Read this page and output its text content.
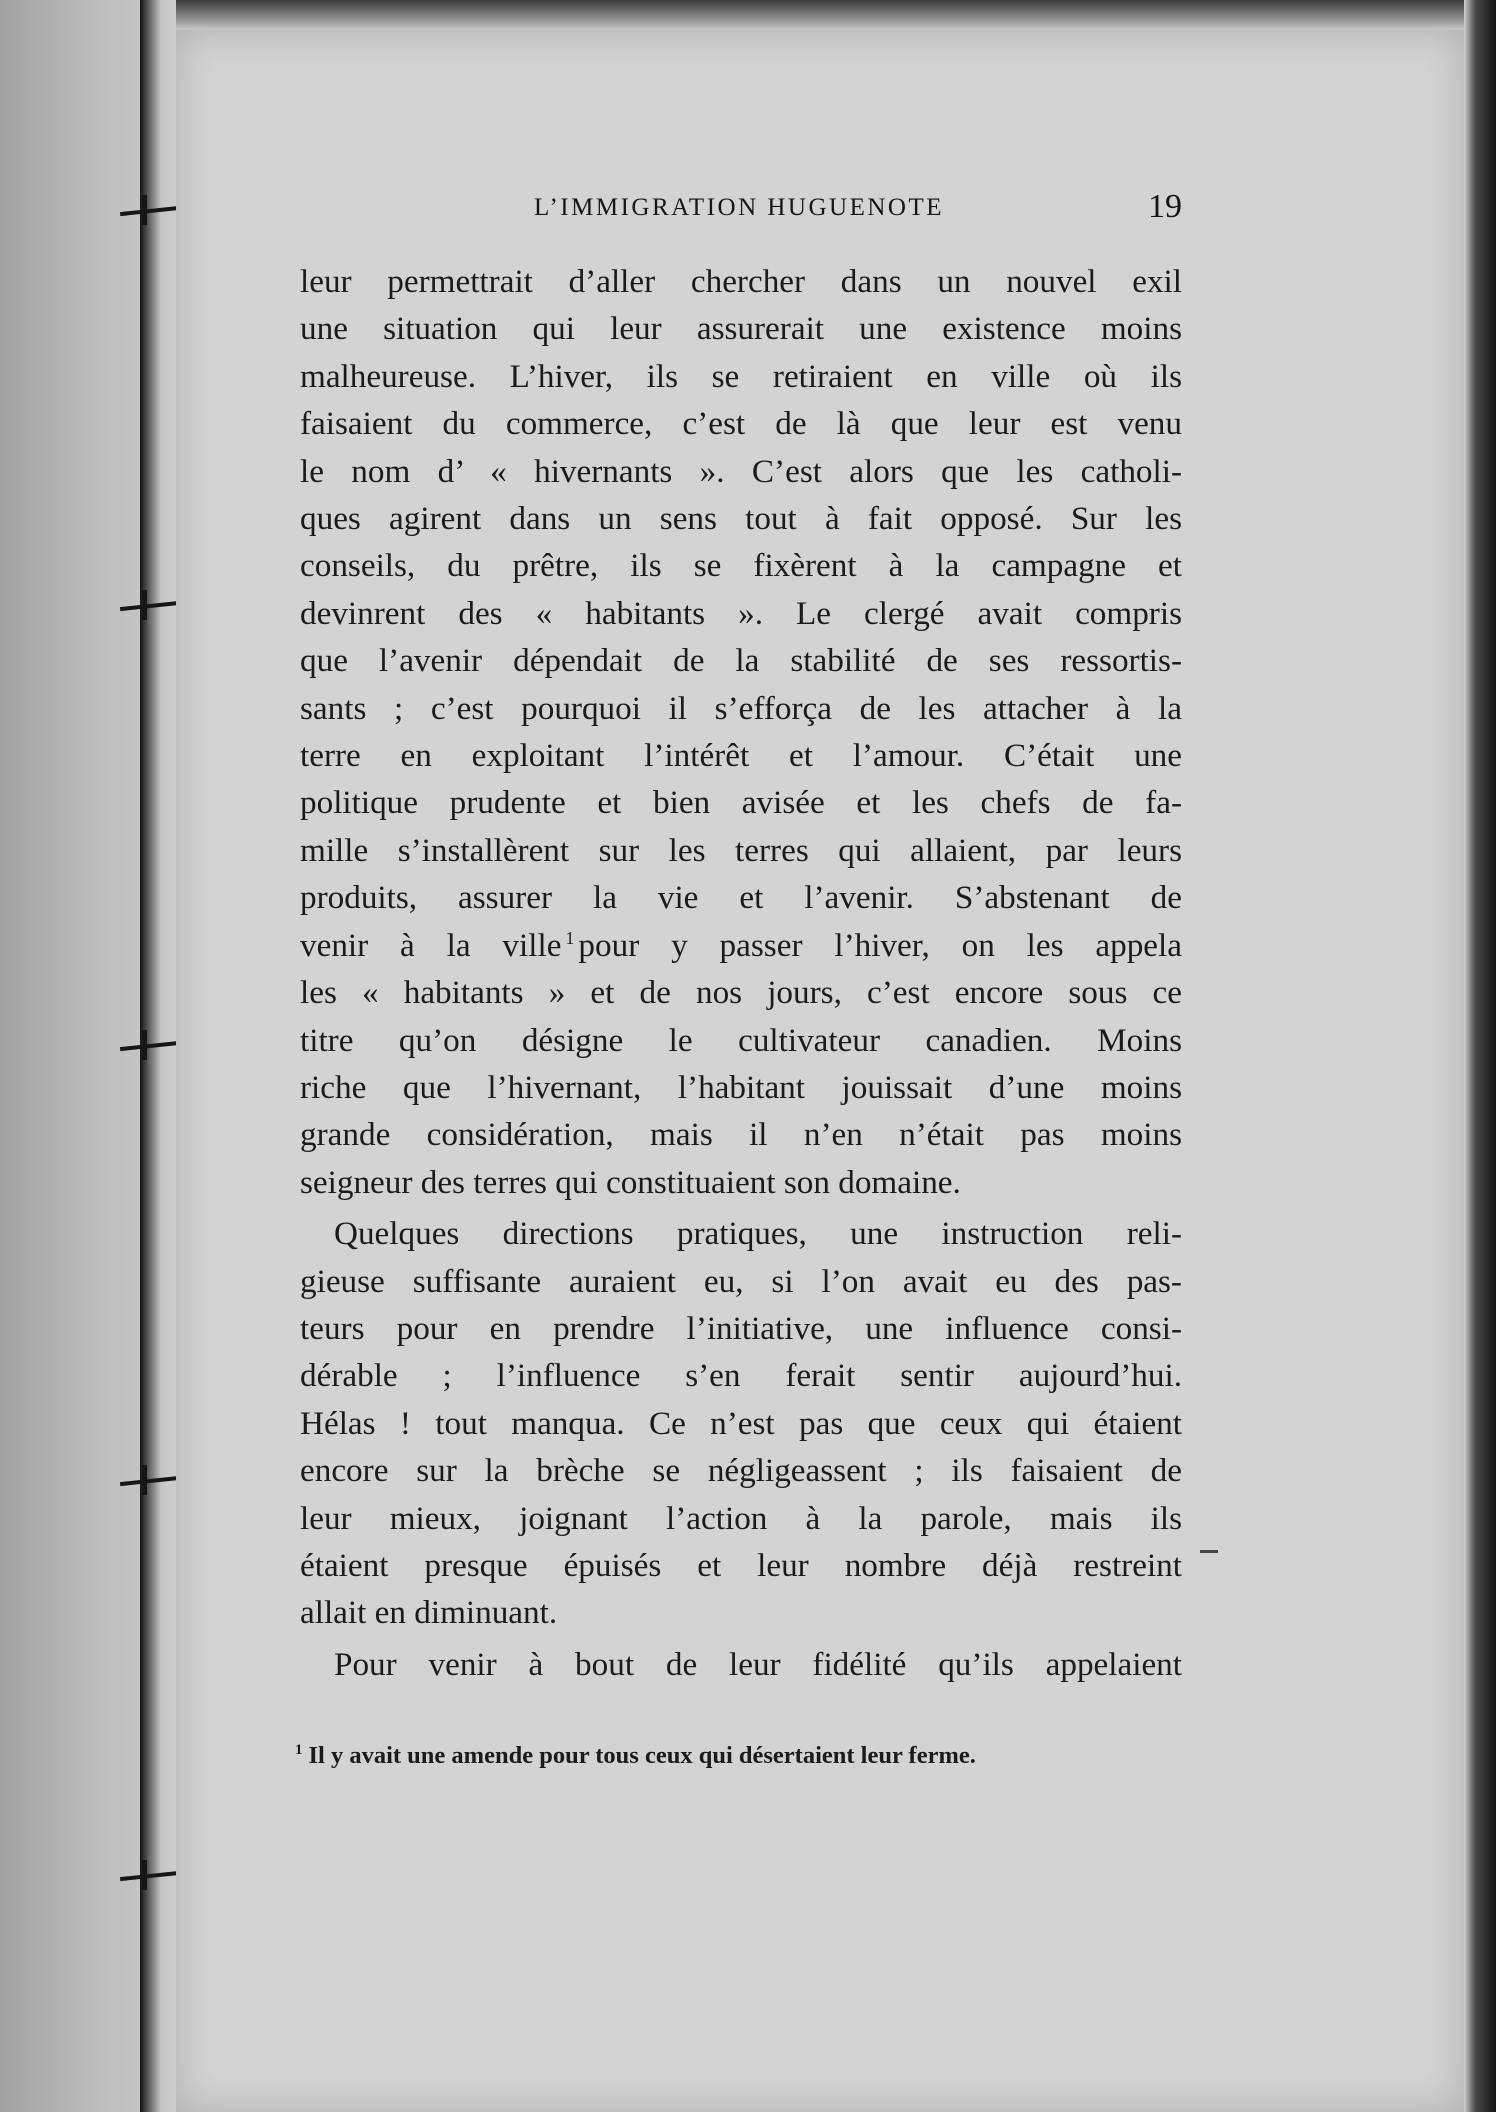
L’IMMIGRATION HUGUENOTE	19

leur permettrait d’aller chercher dans un nouvel exil
une situation qui leur assurerait une existence moins
malheureuse. L’hiver, ils se retiraient en ville où ils
faisaient du commerce, c’est de là que leur est venu
le nom d’ « hivernants ». C’est alors que les catholi-
ques agirent dans un sens tout à fait opposé. Sur les
conseils, du prêtre, ils se fixèrent à la campagne et
devinrent des « habitants ». Le clergé avait compris
que l’avenir dépendait de la stabilité de ses ressortis-
sants ; c’est pourquoi il s’efforça de les attacher à la
terre en exploitant l’intérêt et l’amour. C’était une
politique prudente et bien avisée et les chefs de fa-
mille s’installèrent sur les terres qui allaient, par leurs
produits, assurer la vie et l’avenir. S’abstenant de
venir à la ville $^1$ pour y passer l’hiver, on les appela
les « habitants » et de nos jours, c’est encore sous ce
titre qu’on désigne le cultivateur canadien. Moins
riche que l’hivernant, l’habitant jouissait d’une moins
grande considération, mais il n’en n’était pas moins
seigneur des terres qui constituaient son domaine.

Quelques directions pratiques, une instruction reli-
gieuse suffisante auraient eu, si l’on avait eu des pas-
teurs pour en prendre l’initiative, une influence consi-
dérable ; l’influence s’en ferait sentir aujourd’hui.
Hélas ! tout manqua. Ce n’est pas que ceux qui étaient
encore sur la brèche se négligeassent ; ils faisaient de
leur mieux, joignant l’action à la parole, mais ils
étaient presque épuisés et leur nombre déjà restreint
allait en diminuant.

Pour venir à bout de leur fidélité qu’ils appelaient

$^1$ Il y avait une amende pour tous ceux qui désertaient leur ferme.
